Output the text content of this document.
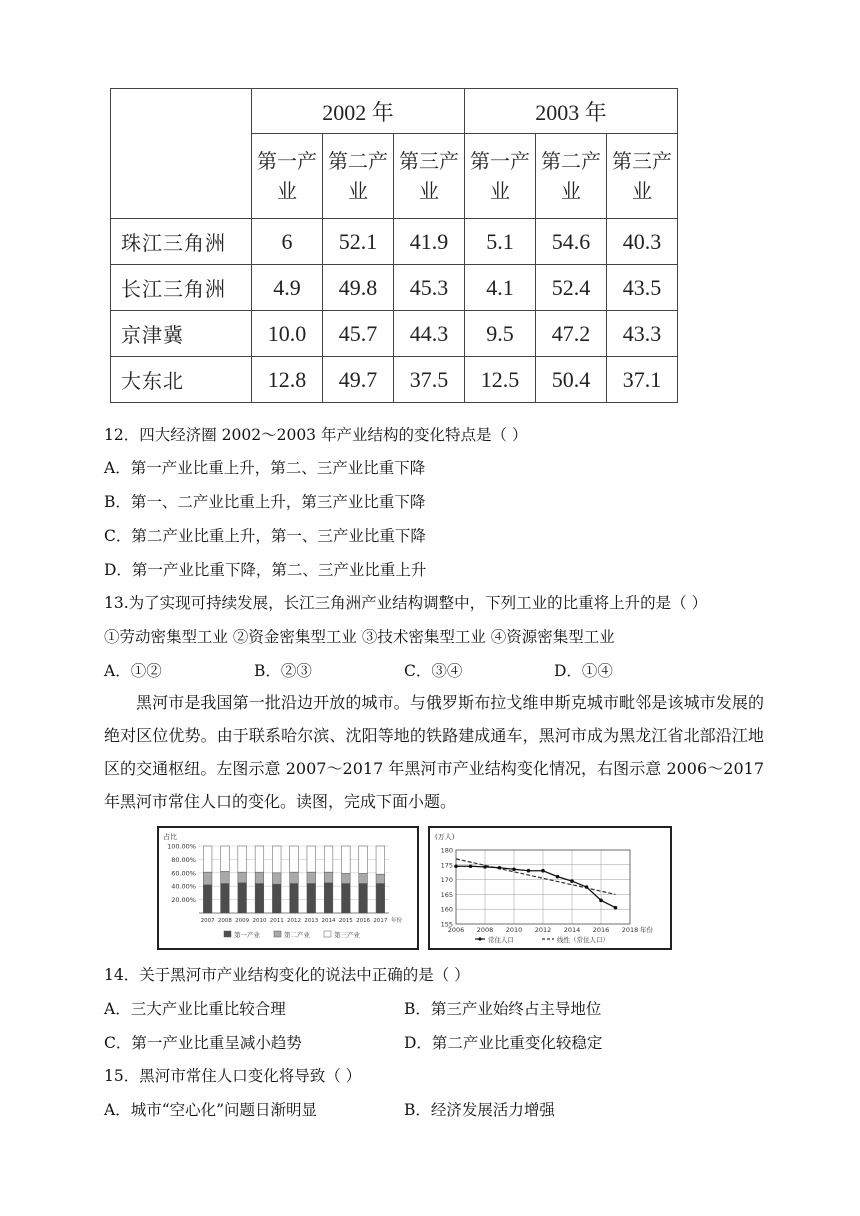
	2002 年			2003 年		
	第一产业	第二产业	第三产业	第一产业	第二产业	第三产业
珠江三角洲	6	52.1	41.9	5.1	54.6	40.3
长江三角洲	4.9	49.8	45.3	4.1	52.4	43.5
京津冀	10.0	45.7	44.3	9.5	47.2	43.3
大东北	12.8	49.7	37.5	12.5	50.4	37.1
12．四大经济圈 2002～2003 年产业结构的变化特点是（ ）
A．第一产业比重上升，第二、三产业比重下降
B．第一、二产业比重上升，第三产业比重下降
C．第二产业比重上升，第一、三产业比重下降
D．第一产业比重下降，第二、三产业比重上升
13.为了实现可持续发展，长江三角洲产业结构调整中，下列工业的比重将上升的是（ ）
①劳动密集型工业 ②资金密集型工业 ③技术密集型工业 ④资源密集型工业
A．①②	B．②③	C．③④	D．①④
黑河市是我国第一批沿边开放的城市。与俄罗斯布拉戈维申斯克城市毗邻是该城市发展的绝对区位优势。由于联系哈尔滨、沈阳等地的铁路建成通车，黑河市成为黑龙江省北部沿江地区的交通枢纽。左图示意 2007～2017 年黑河市产业结构变化情况，右图示意 2006～2017 年黑河市常住人口的变化。读图，完成下面小题。
占比
20.00%
40.00%
60.00%
80.00%
100.00%
2007 2008 2009 2010 2011 2012 2013 2014 2015 2016 2017 年份
第一产业	第二产业	第三产业
(万人)
155
160
165
170
175
180
2006 2008 2010 2012 2014 2016 2018 年份
常住人口	线性（常住人口）
14．关于黑河市产业结构变化的说法中正确的是（ ）
A．三大产业比重比较合理	B．第三产业始终占主导地位
C．第一产业比重呈减小趋势	D．第二产业比重变化较稳定
15．黑河市常住人口变化将导致（ ）
A．城市“空心化”问题日渐明显	B．经济发展活力增强
